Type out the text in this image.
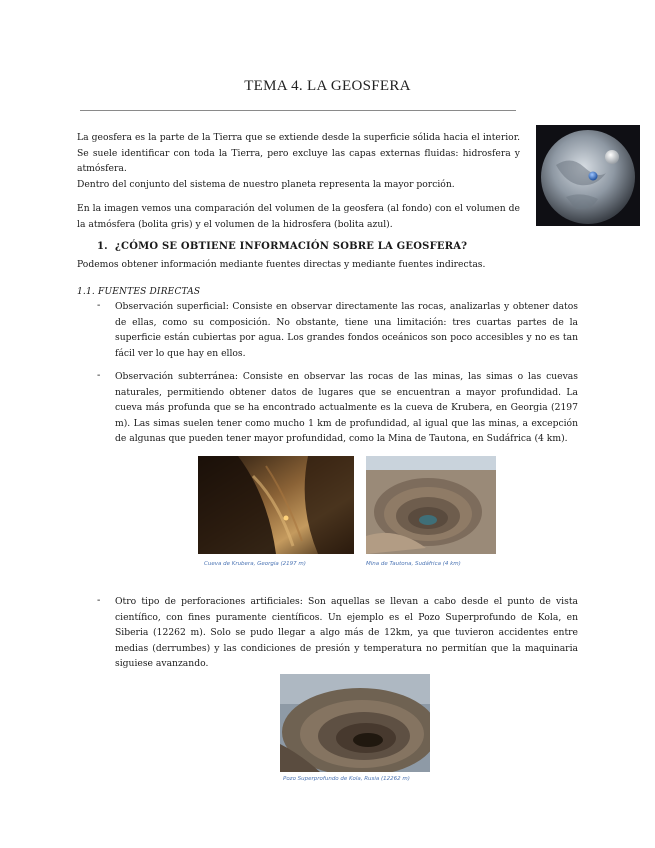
TEMA 4. LA GEOSFERA
La geosfera es la parte de la Tierra que se extiende desde la superficie sólida hacia el interior. Se suele identificar con toda la Tierra, pero excluye las capas externas fluidas: hidrosfera y atmósfera.
Dentro del conjunto del sistema de nuestro planeta representa la mayor porción.
En la imagen vemos una comparación del volumen de la geosfera (al fondo) con el volumen de la atmósfera (bolita gris) y el volumen de la hidrosfera (bolita azul).
1. ¿CÓMO SE OBTIENE INFORMACIÓN SOBRE LA GEOSFERA?
Podemos obtener información mediante fuentes directas y mediante fuentes indirectas.
1.1. FUENTES DIRECTAS
- Observación superficial: Consiste en observar directamente las rocas, analizarlas y obtener datos de ellas, como su composición. No obstante, tiene una limitación: tres cuartas partes de la superficie están cubiertas por agua. Los grandes fondos oceánicos son poco accesibles y no es tan fácil ver lo que hay en ellos.
- Observación subterránea: Consiste en observar las rocas de las minas, las simas o las cuevas naturales, permitiendo obtener datos de lugares que se encuentran a mayor profundidad. La cueva más profunda que se ha encontrado actualmente es la cueva de Krubera, en Georgia (2197 m). Las simas suelen tener como mucho 1 km de profundidad, al igual que las minas, a excepción de algunas que pueden tener mayor profundidad, como la Mina de Tautona, en Sudáfrica (4 km).
Cueva de Krubera, Georgia (2197 m)	Mina de Tautona, Sudáfrica (4 km)
- Otro tipo de perforaciones artificiales: Son aquellas se llevan a cabo desde el punto de vista científico, con fines puramente científicos. Un ejemplo es el Pozo Superprofundo de Kola, en Siberia (12262 m). Solo se pudo llegar a algo más de 12km, ya que tuvieron accidentes entre medias (derrumbes) y las condiciones de presión y temperatura no permitían que la maquinaria siguiese avanzando.
Pozo Superprofundo de Kola, Rusia (12262 m)
